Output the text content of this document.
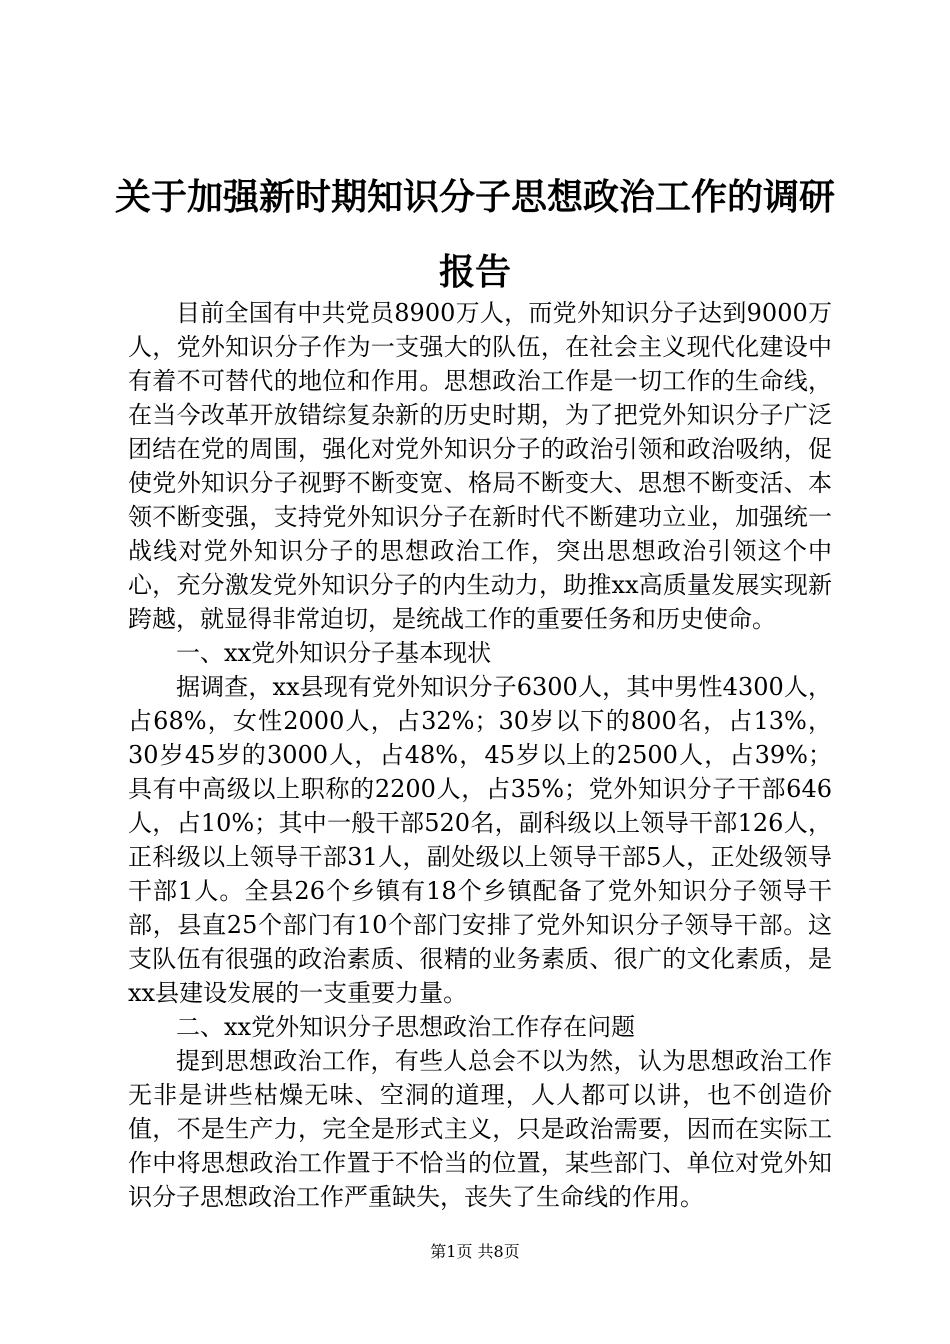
关于加强新时期知识分子思想政治工作的调研报告

目前全国有中共党员8900万人，而党外知识分子达到9000万人，党外知识分子作为一支强大的队伍，在社会主义现代化建设中有着不可替代的地位和作用。思想政治工作是一切工作的生命线，在当今改革开放错综复杂新的历史时期，为了把党外知识分子广泛团结在党的周围，强化对党外知识分子的政治引领和政治吸纳，促使党外知识分子视野不断变宽、格局不断变大、思想不断变活、本领不断变强，支持党外知识分子在新时代不断建功立业，加强统一战线对党外知识分子的思想政治工作，突出思想政治引领这个中心，充分激发党外知识分子的内生动力，助推xx高质量发展实现新跨越，就显得非常迫切，是统战工作的重要任务和历史使命。

一、xx党外知识分子基本现状

据调查，xx县现有党外知识分子6300人，其中男性4300人，占68%，女性2000人，占32%；30岁以下的800名，占13%，30岁45岁的3000人，占48%，45岁以上的2500人，占39%；具有中高级以上职称的2200人，占35%；党外知识分子干部646人，占10%；其中一般干部520名，副科级以上领导干部126人，正科级以上领导干部31人，副处级以上领导干部5人，正处级领导干部1人。全县26个乡镇有18个乡镇配备了党外知识分子领导干部，县直25个部门有10个部门安排了党外知识分子领导干部。这支队伍有很强的政治素质、很精的业务素质、很广的文化素质，是xx县建设发展的一支重要力量。

二、xx党外知识分子思想政治工作存在问题

提到思想政治工作，有些人总会不以为然，认为思想政治工作无非是讲些枯燥无味、空洞的道理，人人都可以讲，也不创造价值，不是生产力，完全是形式主义，只是政治需要，因而在实际工作中将思想政治工作置于不恰当的位置，某些部门、单位对党外知识分子思想政治工作严重缺失，丧失了生命线的作用。

第1页 共8页
